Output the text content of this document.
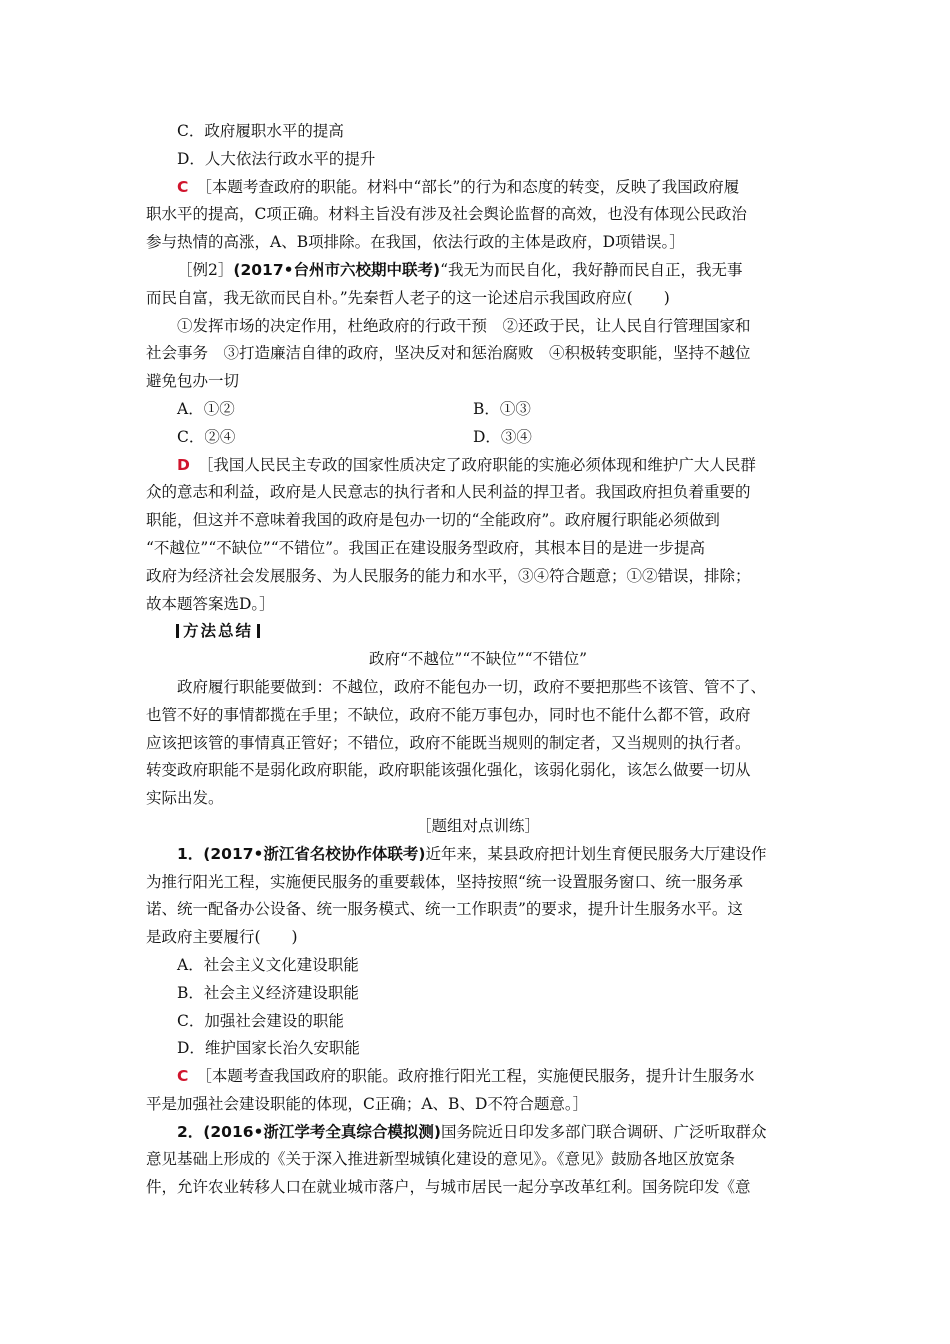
C．政府履职水平的提高
D．人大依法行政水平的提升
C ［本题考查政府的职能。材料中“部长”的行为和态度的转变，反映了我国政府履
职水平的提高，C项正确。材料主旨没有涉及社会舆论监督的高效，也没有体现公民政治
参与热情的高涨，A、B项排除。在我国，依法行政的主体是政府，D项错误。］
［例2］(2017•台州市六校期中联考)“我无为而民自化，我好静而民自正，我无事
而民自富，我无欲而民自朴。”先秦哲人老子的这一论述启示我国政府应(　　)
①发挥市场的决定作用，杜绝政府的行政干预　②还政于民，让人民自行管理国家和
社会事务　③打造廉洁自律的政府，坚决反对和惩治腐败　④积极转变职能，坚持不越位
避免包办一切
A．①②	B．①③
C．②④	D．③④
D ［我国人民民主专政的国家性质决定了政府职能的实施必须体现和维护广大人民群
众的意志和利益，政府是人民意志的执行者和人民利益的捍卫者。我国政府担负着重要的
职能，但这并不意味着我国的政府是包办一切的“全能政府”。政府履行职能必须做到
“不越位”“不缺位”“不错位”。我国正在建设服务型政府，其根本目的是进一步提高
政府为经济社会发展服务、为人民服务的能力和水平，③④符合题意；①②错误，排除；
故本题答案选D。］
方法总结
政府“不越位”“不缺位”“不错位”
政府履行职能要做到：不越位，政府不能包办一切，政府不要把那些不该管、管不了、
也管不好的事情都揽在手里；不缺位，政府不能万事包办，同时也不能什么都不管，政府
应该把该管的事情真正管好；不错位，政府不能既当规则的制定者，又当规则的执行者。
转变政府职能不是弱化政府职能，政府职能该强化强化，该弱化弱化，该怎么做要一切从
实际出发。
［题组对点训练］
1．(2017•浙江省名校协作体联考)近年来，某县政府把计划生育便民服务大厅建设作
为推行阳光工程，实施便民服务的重要载体，坚持按照“统一设置服务窗口、统一服务承
诺、统一配备办公设备、统一服务模式、统一工作职责”的要求，提升计生服务水平。这
是政府主要履行(　　)
A．社会主义文化建设职能
B．社会主义经济建设职能
C．加强社会建设的职能
D．维护国家长治久安职能
C ［本题考查我国政府的职能。政府推行阳光工程，实施便民服务，提升计生服务水
平是加强社会建设职能的体现，C正确；A、B、D不符合题意。］
2．(2016•浙江学考全真综合模拟测)国务院近日印发多部门联合调研、广泛听取群众
意见基础上形成的《关于深入推进新型城镇化建设的意见》。《意见》鼓励各地区放宽条
件，允许农业转移人口在就业城市落户，与城市居民一起分享改革红利。国务院印发《意
